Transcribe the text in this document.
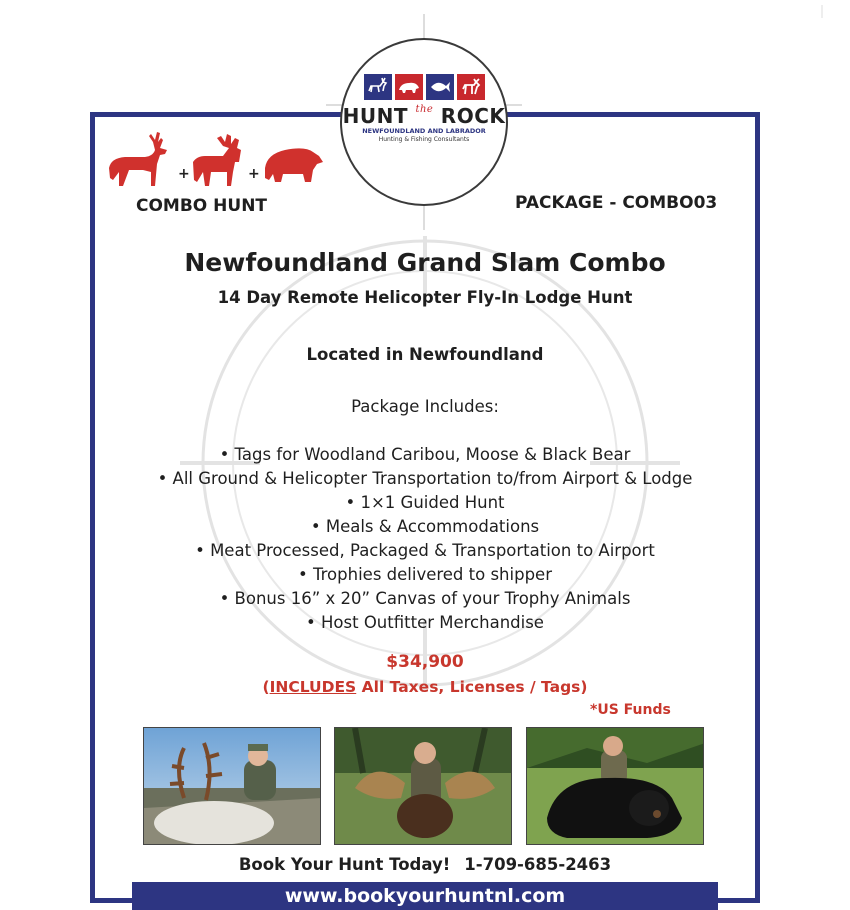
HUNT $^{the}$ ROCK
NEWFOUNDLAND AND LABRADOR
Hunting & Fishing Consultants
+	+
COMBO HUNT	PACKAGE - COMBO03
Newfoundland Grand Slam Combo
14 Day Remote Helicopter Fly-In Lodge Hunt
Located in Newfoundland
Package Includes:
• Tags for Woodland Caribou, Moose & Black Bear
• All Ground & Helicopter Transportation to/from Airport & Lodge
• 1×1 Guided Hunt
• Meals & Accommodations
• Meat Processed, Packaged & Transportation to Airport
• Trophies delivered to shipper
• Bonus 16” x 20” Canvas of your Trophy Animals
• Host Outfitter Merchandise
$34,900
(INCLUDES All Taxes, Licenses / Tags)
*US Funds
Book Your Hunt Today! 1-709-685-2463
www.bookyourhuntnl.com
